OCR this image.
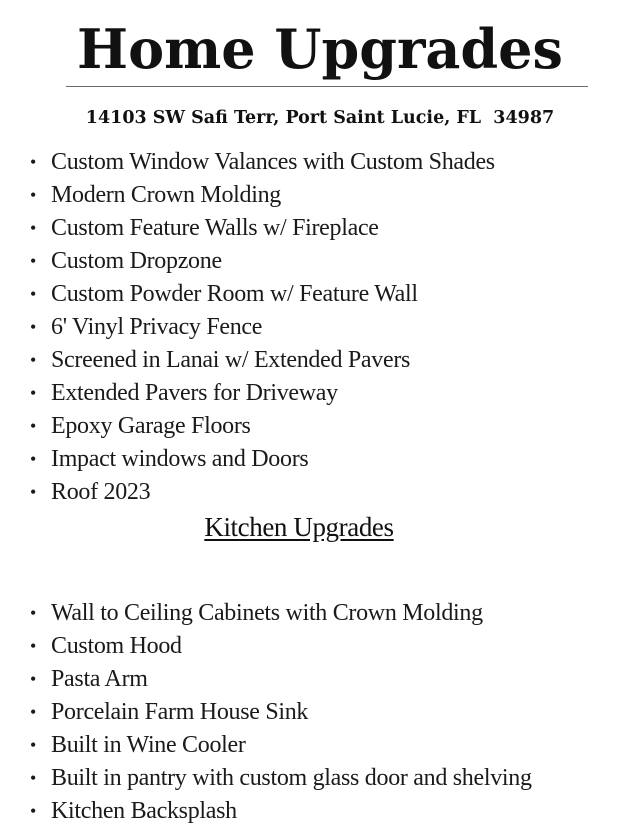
Home Upgrades
14103 SW Safi Terr, Port Saint Lucie, FL  34987
• Custom Window Valances with Custom Shades
• Modern Crown Molding
• Custom Feature Walls w/ Fireplace
• Custom Dropzone
• Custom Powder Room w/ Feature Wall
• 6' Vinyl Privacy Fence
• Screened in Lanai w/ Extended Pavers
• Extended Pavers for Driveway
• Epoxy Garage Floors
• Impact windows and Doors
• Roof 2023
Kitchen Upgrades
• Wall to Ceiling Cabinets with Crown Molding
• Custom Hood
• Pasta Arm
• Porcelain Farm House Sink
• Built in Wine Cooler
• Built in pantry with custom glass door and shelving
• Kitchen Backsplash
